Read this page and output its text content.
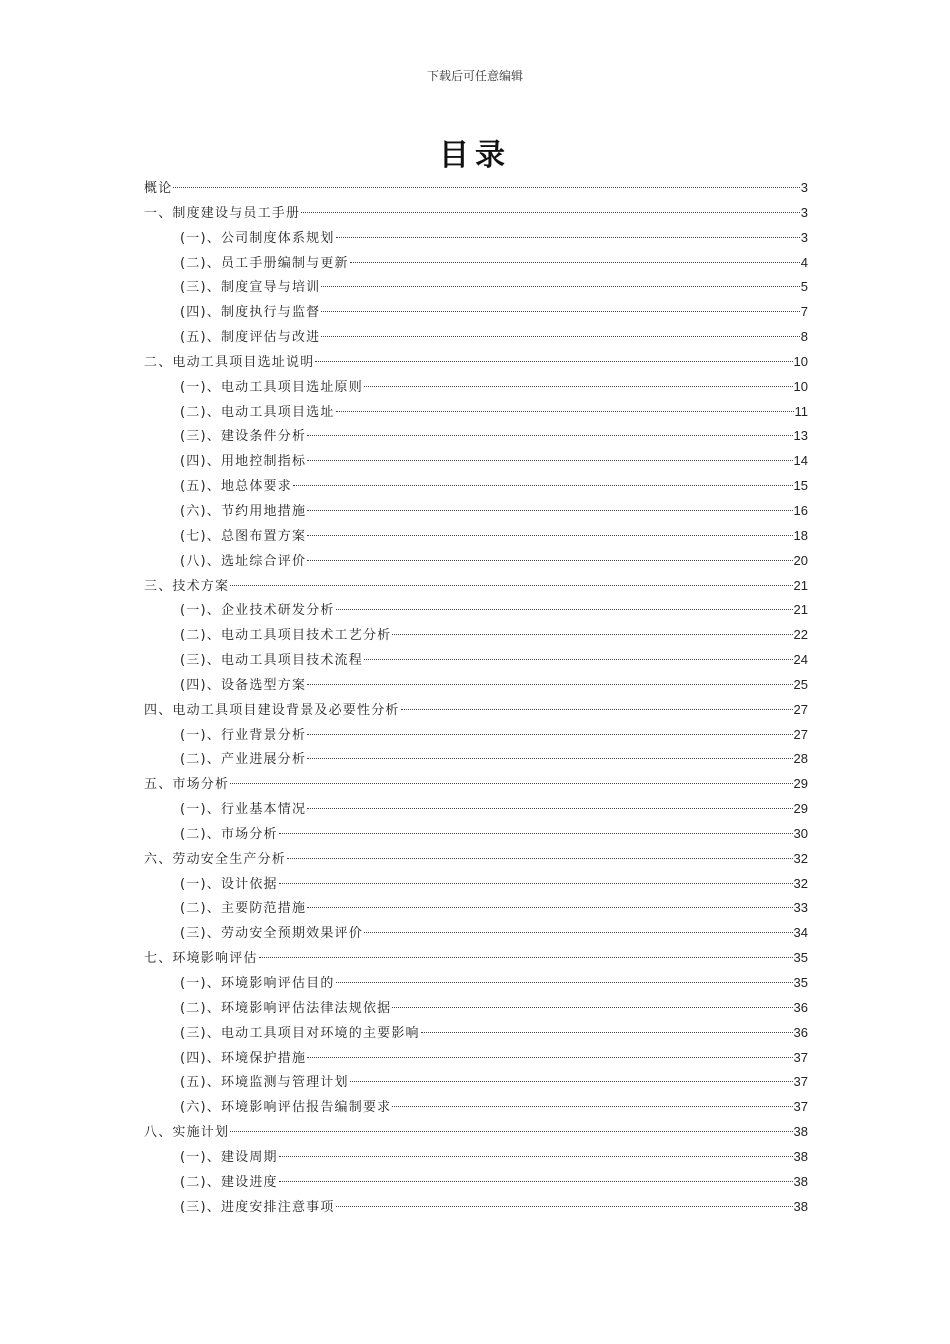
下载后可任意编辑
目录
概论	3
一、制度建设与员工手册	3
(一)、公司制度体系规划	3
(二)、员工手册编制与更新	4
(三)、制度宣导与培训	5
(四)、制度执行与监督	7
(五)、制度评估与改进	8
二、电动工具项目选址说明	10
(一)、电动工具项目选址原则	10
(二)、电动工具项目选址	11
(三)、建设条件分析	13
(四)、用地控制指标	14
(五)、地总体要求	15
(六)、节约用地措施	16
(七)、总图布置方案	18
(八)、选址综合评价	20
三、技术方案	21
(一)、企业技术研发分析	21
(二)、电动工具项目技术工艺分析	22
(三)、电动工具项目技术流程	24
(四)、设备选型方案	25
四、电动工具项目建设背景及必要性分析	27
(一)、行业背景分析	27
(二)、产业进展分析	28
五、市场分析	29
(一)、行业基本情况	29
(二)、市场分析	30
六、劳动安全生产分析	32
(一)、设计依据	32
(二)、主要防范措施	33
(三)、劳动安全预期效果评价	34
七、环境影响评估	35
(一)、环境影响评估目的	35
(二)、环境影响评估法律法规依据	36
(三)、电动工具项目对环境的主要影响	36
(四)、环境保护措施	37
(五)、环境监测与管理计划	37
(六)、环境影响评估报告编制要求	37
八、实施计划	38
(一)、建设周期	38
(二)、建设进度	38
(三)、进度安排注意事项	38
